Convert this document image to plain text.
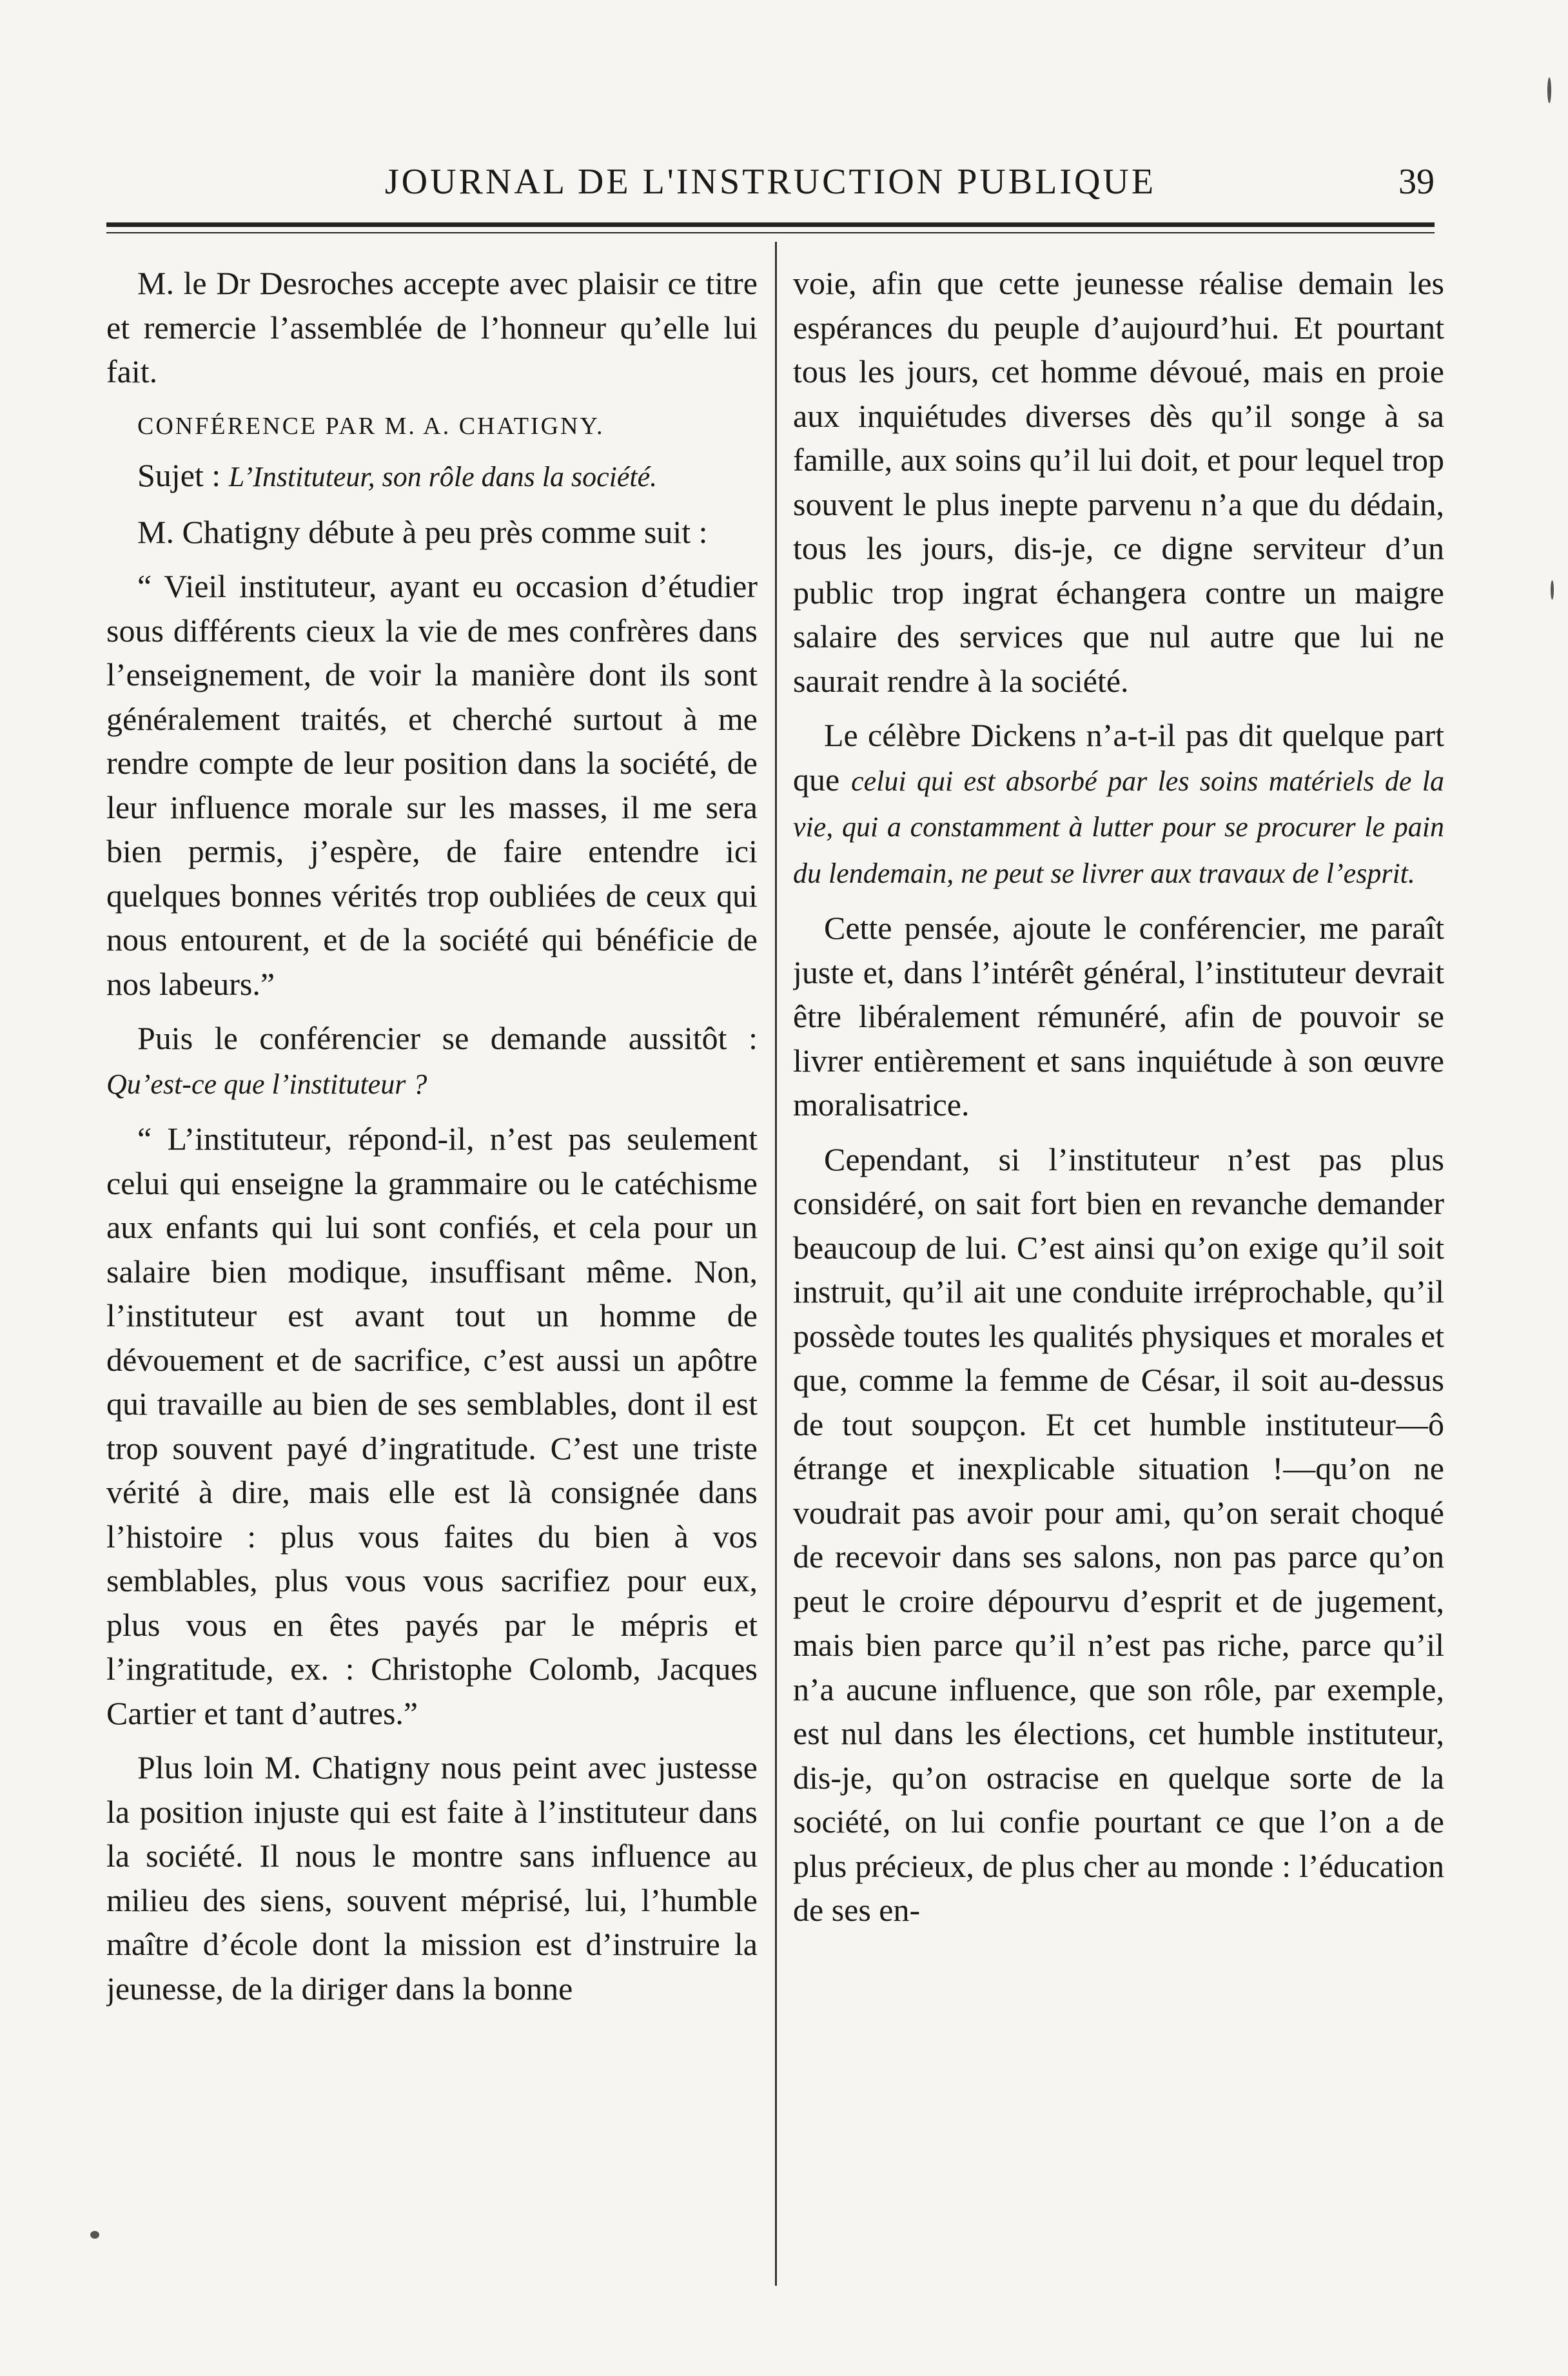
JOURNAL DE L'INSTRUCTION PUBLIQUE	39

M. le Dr Desroches accepte avec plaisir ce titre et remercie l’assemblée de l’honneur qu’elle lui fait.

CONFÉRENCE PAR M. A. CHATIGNY.

Sujet : L’Instituteur, son rôle dans la société.

M. Chatigny débute à peu près comme suit :

“ Vieil instituteur, ayant eu occasion d’étudier sous différents cieux la vie de mes confrères dans l’enseignement, de voir la manière dont ils sont généralement traités, et cherché surtout à me rendre compte de leur position dans la société, de leur influence morale sur les masses, il me sera bien permis, j’espère, de faire entendre ici quelques bonnes vérités trop oubliées de ceux qui nous entourent, et de la société qui bénéficie de nos labeurs.”

Puis le conférencier se demande aussitôt : Qu’est-ce que l’instituteur ?

“ L’instituteur, répond-il, n’est pas seulement celui qui enseigne la grammaire ou le catéchisme aux enfants qui lui sont confiés, et cela pour un salaire bien modique, insuffisant même. Non, l’instituteur est avant tout un homme de dévouement et de sacrifice, c’est aussi un apôtre qui travaille au bien de ses semblables, dont il est trop souvent payé d’ingratitude. C’est une triste vérité à dire, mais elle est là consignée dans l’histoire : plus vous faites du bien à vos semblables, plus vous vous sacrifiez pour eux, plus vous en êtes payés par le mépris et l’ingratitude, ex. : Christophe Colomb, Jacques Cartier et tant d’autres.”

Plus loin M. Chatigny nous peint avec justesse la position injuste qui est faite à l’instituteur dans la société. Il nous le montre sans influence au milieu des siens, souvent méprisé, lui, l’humble maître d’école dont la mission est d’instruire la jeunesse, de la diriger dans la bonne

voie, afin que cette jeunesse réalise demain les espérances du peuple d’aujourd’hui. Et pourtant tous les jours, cet homme dévoué, mais en proie aux inquiétudes diverses dès qu’il songe à sa famille, aux soins qu’il lui doit, et pour lequel trop souvent le plus inepte parvenu n’a que du dédain, tous les jours, dis-je, ce digne serviteur d’un public trop ingrat échangera contre un maigre salaire des services que nul autre que lui ne saurait rendre à la société.

Le célèbre Dickens n’a-t-il pas dit quelque part que celui qui est absorbé par les soins matériels de la vie, qui a constamment à lutter pour se procurer le pain du lendemain, ne peut se livrer aux travaux de l’esprit.

Cette pensée, ajoute le conférencier, me paraît juste et, dans l’intérêt général, l’instituteur devrait être libéralement rémunéré, afin de pouvoir se livrer entièrement et sans inquiétude à son œuvre moralisatrice.

Cependant, si l’instituteur n’est pas plus considéré, on sait fort bien en revanche demander beaucoup de lui. C’est ainsi qu’on exige qu’il soit instruit, qu’il ait une conduite irréprochable, qu’il possède toutes les qualités physiques et morales et que, comme la femme de César, il soit au-dessus de tout soupçon. Et cet humble instituteur—ô étrange et inexplicable situation !—qu’on ne voudrait pas avoir pour ami, qu’on serait choqué de recevoir dans ses salons, non pas parce qu’on peut le croire dépourvu d’esprit et de jugement, mais bien parce qu’il n’est pas riche, parce qu’il n’a aucune influence, que son rôle, par exemple, est nul dans les élections, cet humble instituteur, dis-je, qu’on ostracise en quelque sorte de la société, on lui confie pourtant ce que l’on a de plus précieux, de plus cher au monde : l’éducation de ses en-
